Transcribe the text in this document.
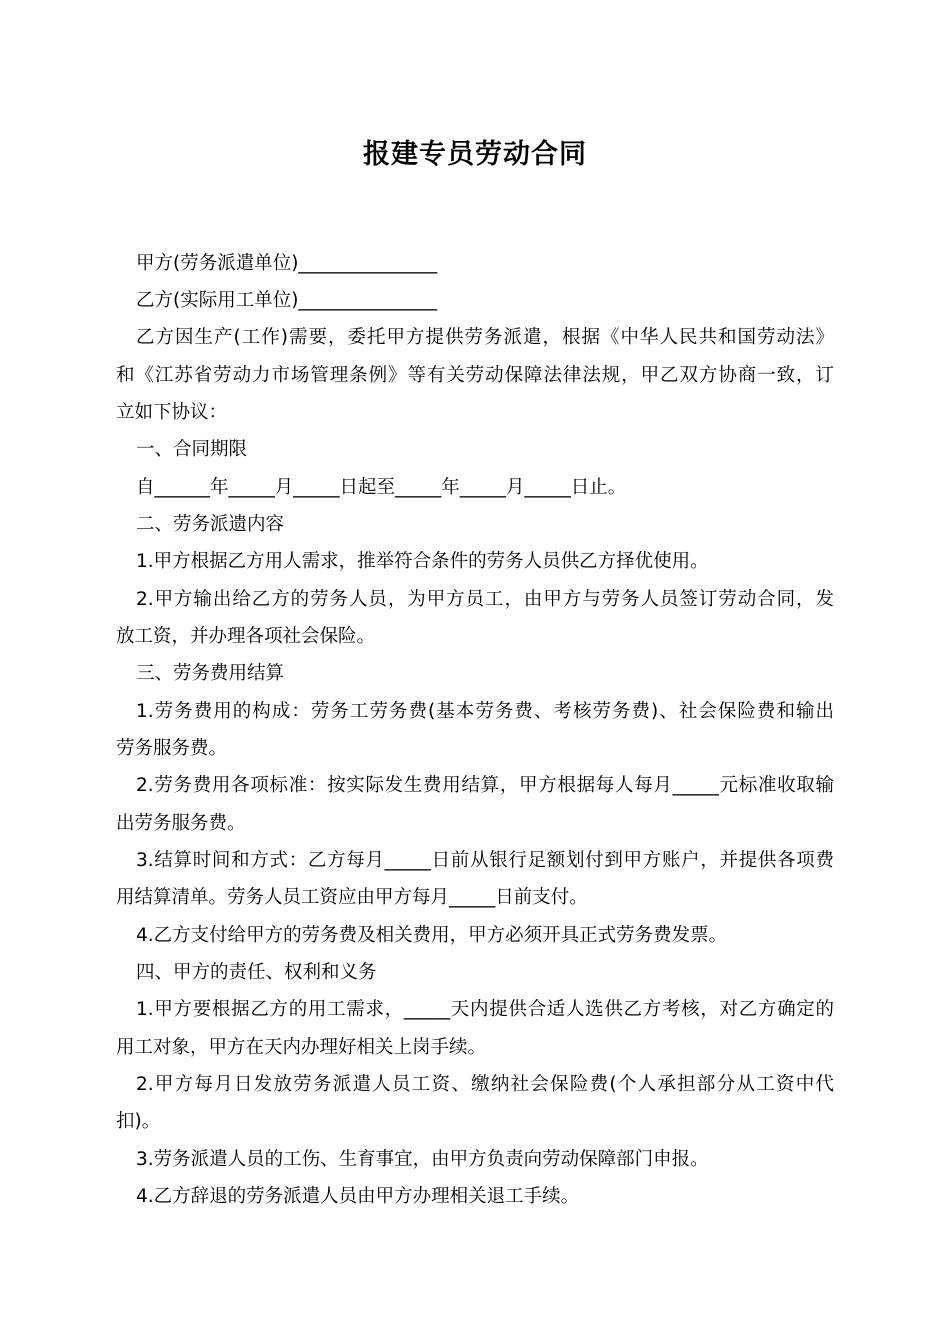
报建专员劳动合同
甲方(劳务派遣单位)_______________
乙方(实际用工单位)_______________
乙方因生产(工作)需要，委托甲方提供劳务派遣，根据《中华人民共和国劳动法》
和《江苏省劳动力市场管理条例》等有关劳动保障法律法规，甲乙双方协商一致，订
立如下协议：
一、合同期限
自______年_____月_____日起至_____年_____月_____日止。
二、劳务派遗内容
1.甲方根据乙方用人需求，推举符合条件的劳务人员供乙方择优使用。
2.甲方输出给乙方的劳务人员，为甲方员工，由甲方与劳务人员签订劳动合同，发
放工资，并办理各项社会保险。
三、劳务费用结算
1.劳务费用的构成：劳务工劳务费(基本劳务费、考核劳务费)、社会保险费和输出
劳务服务费。
2.劳务费用各项标准：按实际发生费用结算，甲方根据每人每月_____元标准收取输
出劳务服务费。
3.结算时间和方式：乙方每月_____日前从银行足额划付到甲方账户，并提供各项费
用结算清单。劳务人员工资应由甲方每月_____日前支付。
4.乙方支付给甲方的劳务费及相关费用，甲方必须开具正式劳务费发票。
四、甲方的责任、权利和义务
1.甲方要根据乙方的用工需求，_____天内提供合适人选供乙方考核，对乙方确定的
用工对象，甲方在天内办理好相关上岗手续。
2.甲方每月日发放劳务派遣人员工资、缴纳社会保险费(个人承担部分从工资中代
扣)。
3.劳务派遣人员的工伤、生育事宜，由甲方负责向劳动保障部门申报。
4.乙方辞退的劳务派遣人员由甲方办理相关退工手续。
